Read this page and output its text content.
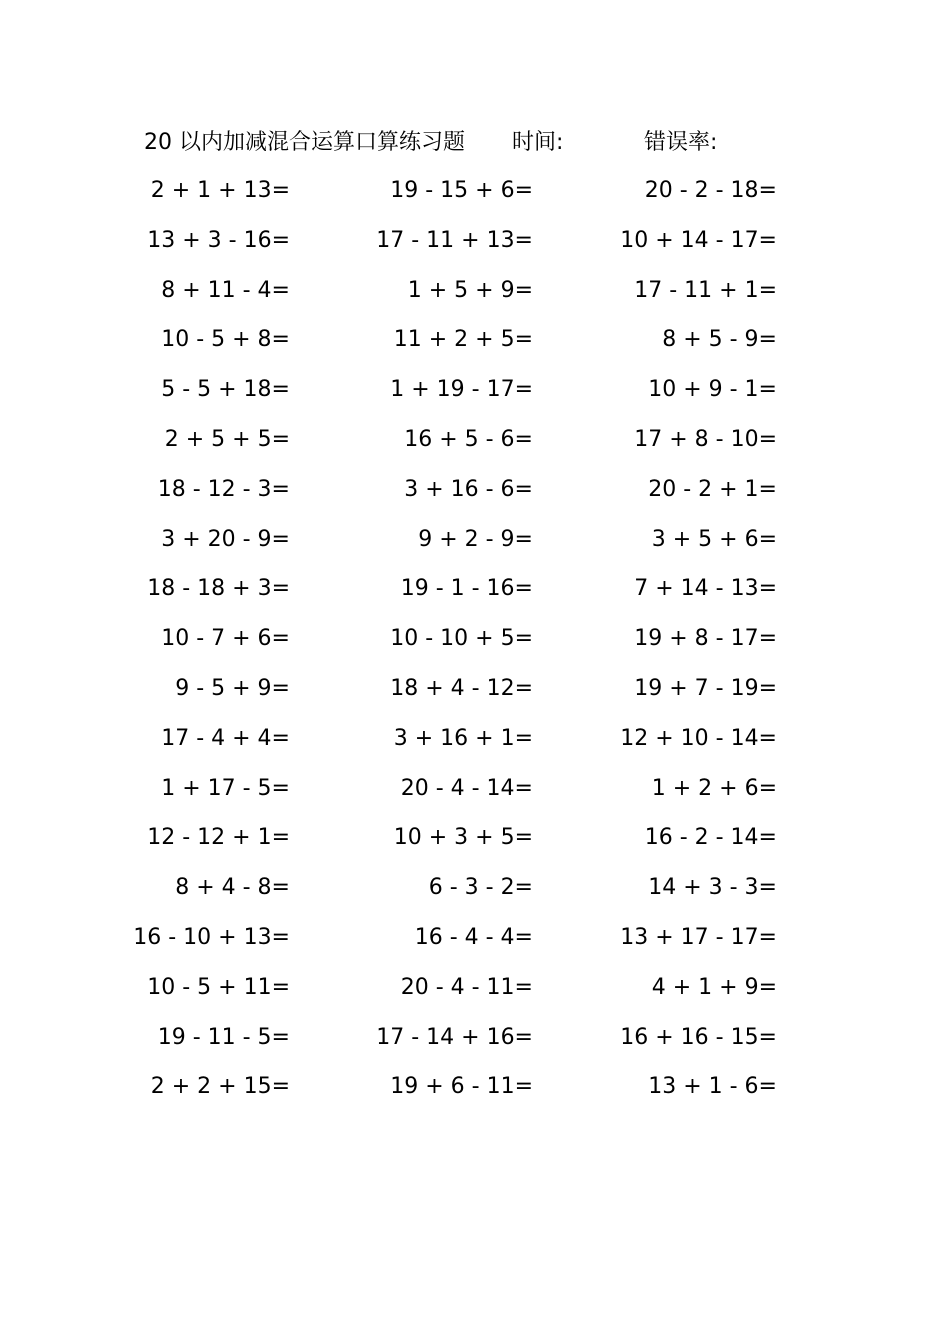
20 以内加减混合运算口算练习题 时间:	错误率:
2 + 1 + 13=
13 + 3 - 16=
8 + 11 - 4=
10 - 5 + 8=
5 - 5 + 18=
2 + 5 + 5=
18 - 12 - 3=
3 + 20 - 9=
18 - 18 + 3=
10 - 7 + 6=
9 - 5 + 9=
17 - 4 + 4=
1 + 17 - 5=
12 - 12 + 1=
8 + 4 - 8=
16 - 10 + 13=
10 - 5 + 11=
19 - 11 - 5=
2 + 2 + 15=
19 - 15 + 6=
17 - 11 + 13=
1 + 5 + 9=
11 + 2 + 5=
1 + 19 - 17=
16 + 5 - 6=
3 + 16 - 6=
9 + 2 - 9=
19 - 1 - 16=
10 - 10 + 5=
18 + 4 - 12=
3 + 16 + 1=
20 - 4 - 14=
10 + 3 + 5=
6 - 3 - 2=
16 - 4 - 4=
20 - 4 - 11=
17 - 14 + 16=
19 + 6 - 11=
20 - 2 - 18=
10 + 14 - 17=
17 - 11 + 1=
8 + 5 - 9=
10 + 9 - 1=
17 + 8 - 10=
20 - 2 + 1=
3 + 5 + 6=
7 + 14 - 13=
19 + 8 - 17=
19 + 7 - 19=
12 + 10 - 14=
1 + 2 + 6=
16 - 2 - 14=
14 + 3 - 3=
13 + 17 - 17=
4 + 1 + 9=
16 + 16 - 15=
13 + 1 - 6=
